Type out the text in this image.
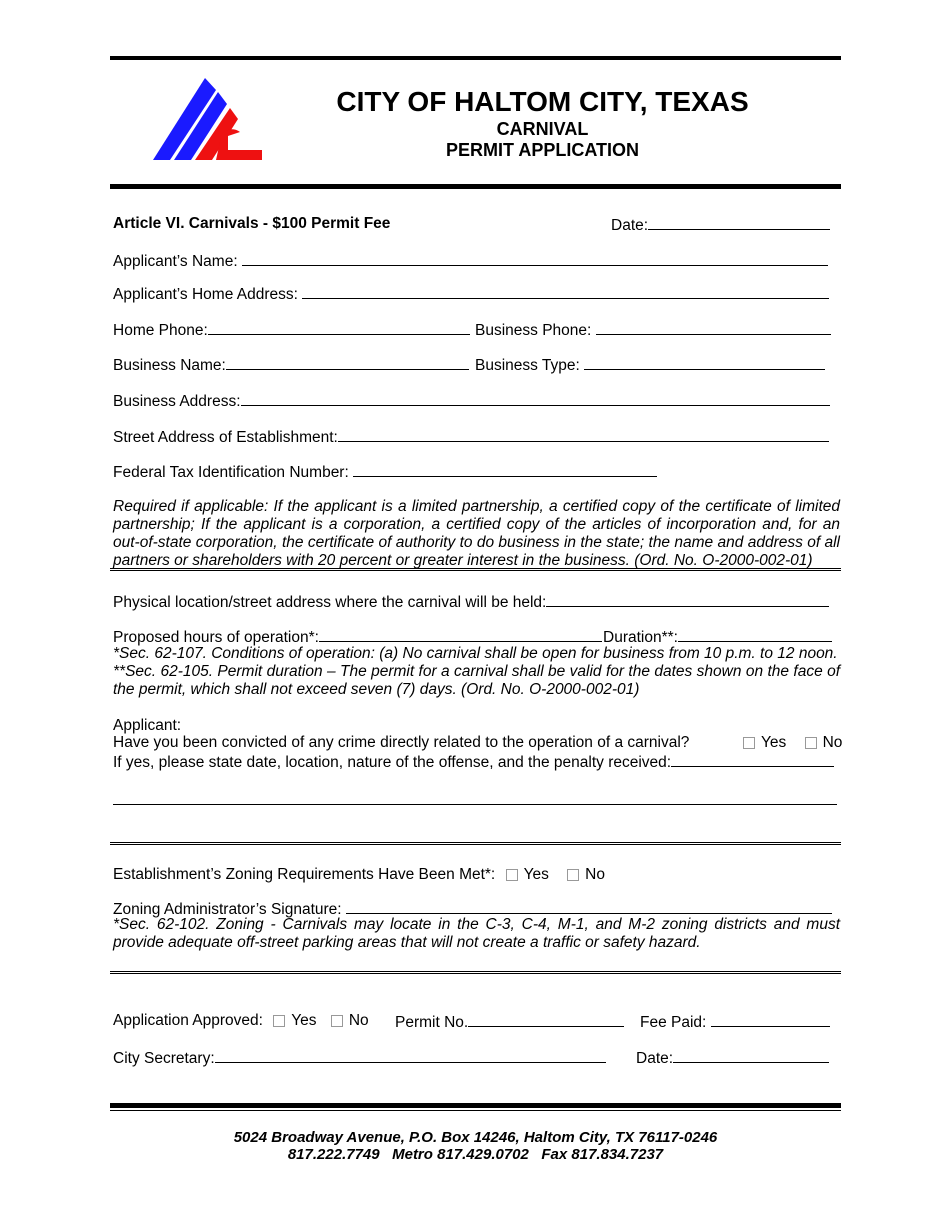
CITY OF HALTOM CITY, TEXAS
CARNIVAL
PERMIT APPLICATION
Article VI. Carnivals - $100 Permit Fee	Date:
Applicant’s Name:
Applicant’s Home Address:
Home Phone:	Business Phone:
Business Name:	Business Type:
Business Address:
Street Address of Establishment:
Federal Tax Identification Number:
Required if applicable: If the applicant is a limited partnership, a certified copy of the certificate of limited partnership; If the applicant is a corporation, a certified copy of the articles of incorporation and, for an out-of-state corporation, the certificate of authority to do business in the state; the name and address of all partners or shareholders with 20 percent or greater interest in the business. (Ord. No. O-2000-002-01)
Physical location/street address where the carnival will be held:
Proposed hours of operation*:	Duration**:
*Sec. 62-107. Conditions of operation: (a) No carnival shall be open for business from 10 p.m. to 12 noon.
**Sec. 62-105. Permit duration – The permit for a carnival shall be valid for the dates shown on the face of the permit, which shall not exceed seven (7) days. (Ord. No. O-2000-002-01)
Applicant:
Have you been convicted of any crime directly related to the operation of a carnival?	Yes No
If yes, please state date, location, nature of the offense, and the penalty received:
Establishment’s Zoning Requirements Have Been Met*: Yes No
Zoning Administrator’s Signature:
*Sec. 62-102. Zoning - Carnivals may locate in the C-3, C-4, M-1, and M-2 zoning districts and must provide adequate off-street parking areas that will not create a traffic or safety hazard.
Application Approved: Yes No Permit No.	Fee Paid:
City Secretary:	Date:
5024 Broadway Avenue, P.O. Box 14246, Haltom City, TX 76117-0246
817.222.7749   Metro 817.429.0702   Fax 817.834.7237
